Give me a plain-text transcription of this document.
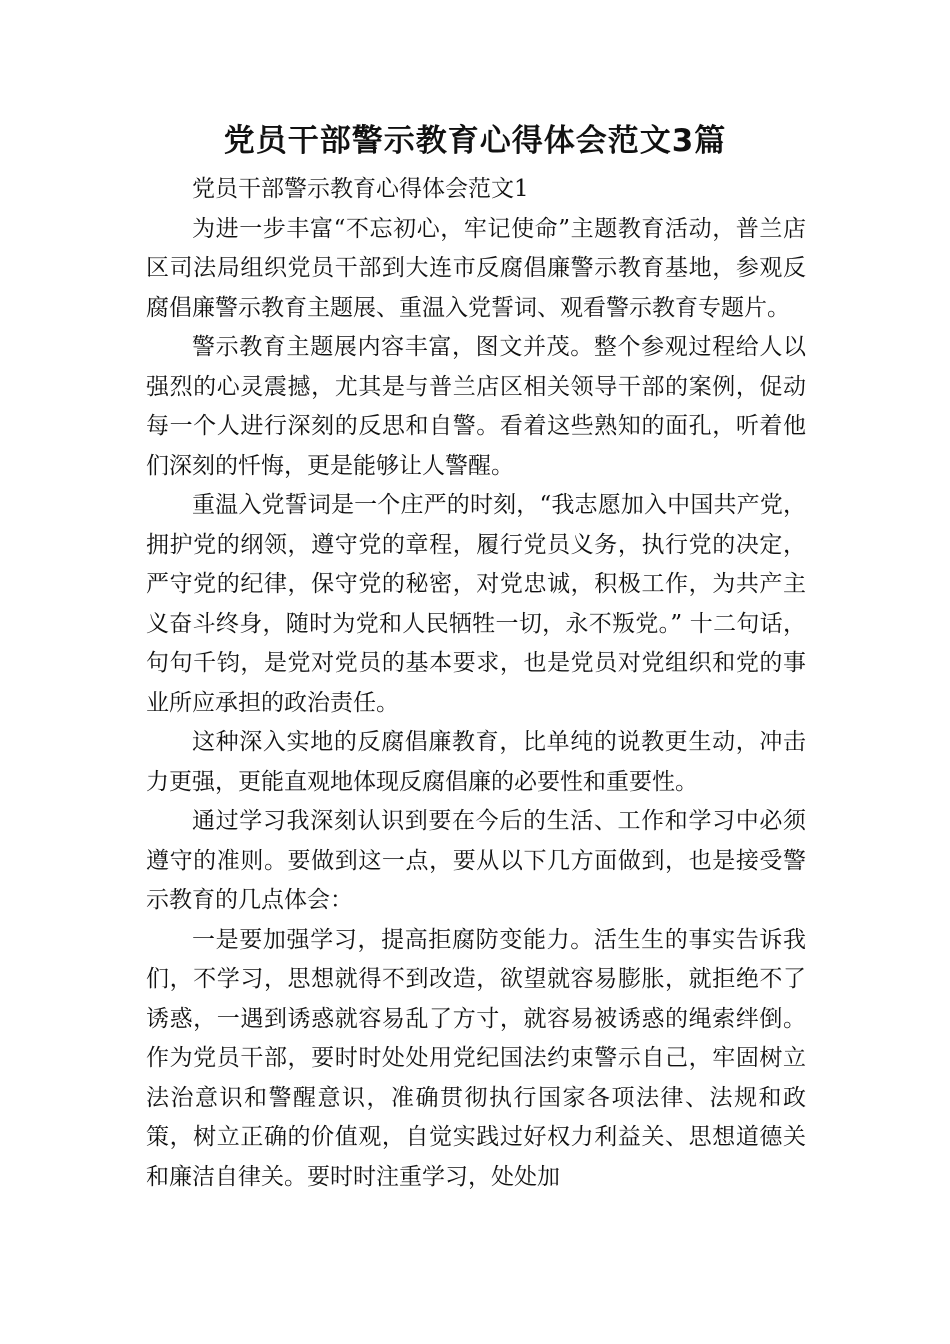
党员干部警示教育心得体会范文3篇

党员干部警示教育心得体会范文1

为进一步丰富“不忘初心，牢记使命”主题教育活动，普兰店区司法局组织党员干部到大连市反腐倡廉警示教育基地，参观反腐倡廉警示教育主题展、重温入党誓词、观看警示教育专题片。

警示教育主题展内容丰富，图文并茂。整个参观过程给人以强烈的心灵震撼，尤其是与普兰店区相关领导干部的案例，促动每一个人进行深刻的反思和自警。看着这些熟知的面孔，听着他们深刻的忏悔，更是能够让人警醒。

重温入党誓词是一个庄严的时刻，“我志愿加入中国共产党，拥护党的纲领，遵守党的章程，履行党员义务，执行党的决定，严守党的纪律，保守党的秘密，对党忠诚，积极工作，为共产主义奋斗终身，随时为党和人民牺牲一切，永不叛党。” 十二句话，句句千钧，是党对党员的基本要求，也是党员对党组织和党的事业所应承担的政治责任。

这种深入实地的反腐倡廉教育，比单纯的说教更生动，冲击力更强，更能直观地体现反腐倡廉的必要性和重要性。

通过学习我深刻认识到要在今后的生活、工作和学习中必须遵守的准则。要做到这一点，要从以下几方面做到，也是接受警示教育的几点体会：

一是要加强学习，提高拒腐防变能力。活生生的事实告诉我们，不学习，思想就得不到改造，欲望就容易膨胀，就拒绝不了诱惑，一遇到诱惑就容易乱了方寸，就容易被诱惑的绳索绊倒。作为党员干部，要时时处处用党纪国法约束警示自己，牢固树立法治意识和警醒意识，准确贯彻执行国家各项法律、法规和政策，树立正确的价值观，自觉实践过好权力利益关、思想道德关和廉洁自律关。要时时注重学习，处处加
